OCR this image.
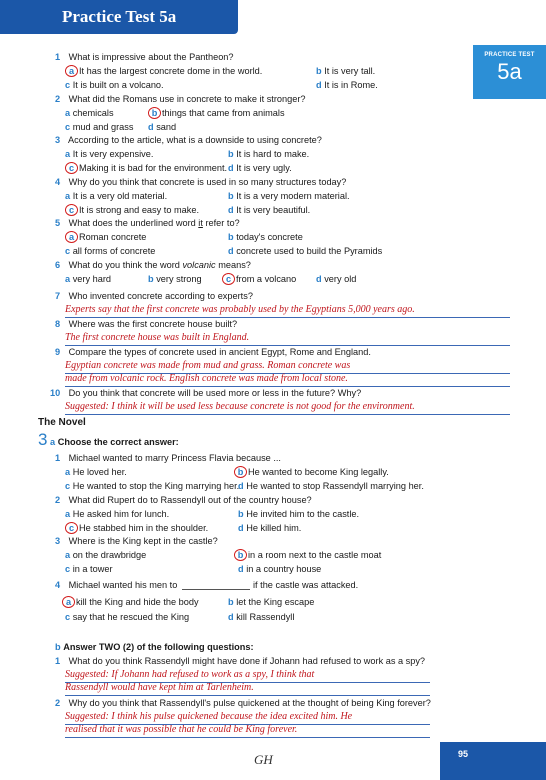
Practice Test 5a
PRACTICE TEST
5a
1 What is impressive about the Pantheon?
a It has the largest concrete dome in the world.	b It is very tall.
c It is built on a volcano.	d It is in Rome.
2 What did the Romans use in concrete to make it stronger?
a chemicals	b things that came from animals
c mud and grass d sand
3 According to the article, what is a downside to using concrete?
a It is very expensive.	b It is hard to make.
c Making it is bad for the environment. d It is very ugly.
4 Why do you think that concrete is used in so many structures today?
a It is a very old material.	b It is a very modern material.
c It is strong and easy to make.	d It is very beautiful.
5 What does the underlined word it refer to?
a Roman concrete	b today's concrete
c all forms of concrete	d concrete used to build the Pyramids
6 What do you think the word volcanic means?
a very hard	b very strong	c from a volcano d very old
7 Who invented concrete according to experts?
Experts say that the first concrete was probably used by the Egyptians 5,000 years ago.
8 Where was the first concrete house built?
The first concrete house was built in England.
9 Compare the types of concrete used in ancient Egypt, Rome and England.
Egyptian concrete was made from mud and grass. Roman concrete was
made from volcanic rock. English concrete was made from local stone.
10 Do you think that concrete will be used more or less in the future? Why?
Suggested: I think it will be used less because concrete is not good for the environment.
The Novel
3 a Choose the correct answer:
1 Michael wanted to marry Princess Flavia because ...
a He loved her.	b He wanted to become King legally.
c He wanted to stop the King marrying her.
d He wanted to stop Rassendyll marrying her.
2 What did Rupert do to Rassendyll out of the country house?
a He asked him for lunch.	b He invited him to the castle.
c He stabbed him in the shoulder.	d He killed him.
3 Where is the King kept in the castle?
a on the drawbridge	b in a room next to the castle moat
c in a tower	d in a country house
4 Michael wanted his men to	if the castle was attacked.
a kill the King and hide the body	b let the King escape
c say that he rescued the King	d kill Rassendyll
b Answer TWO (2) of the following questions:
1 What do you think Rassendyll might have done if Johann had refused to work as a spy?
Suggested: If Johann had refused to work as a spy, I think that
Rassendyll would have kept him at Tarlenheim.
2 Why do you think that Rassendyll's pulse quickened at the thought of being King forever?
Suggested: I think his pulse quickened because the idea excited him. He
realised that it was possible that he could be King forever.
GH	95
